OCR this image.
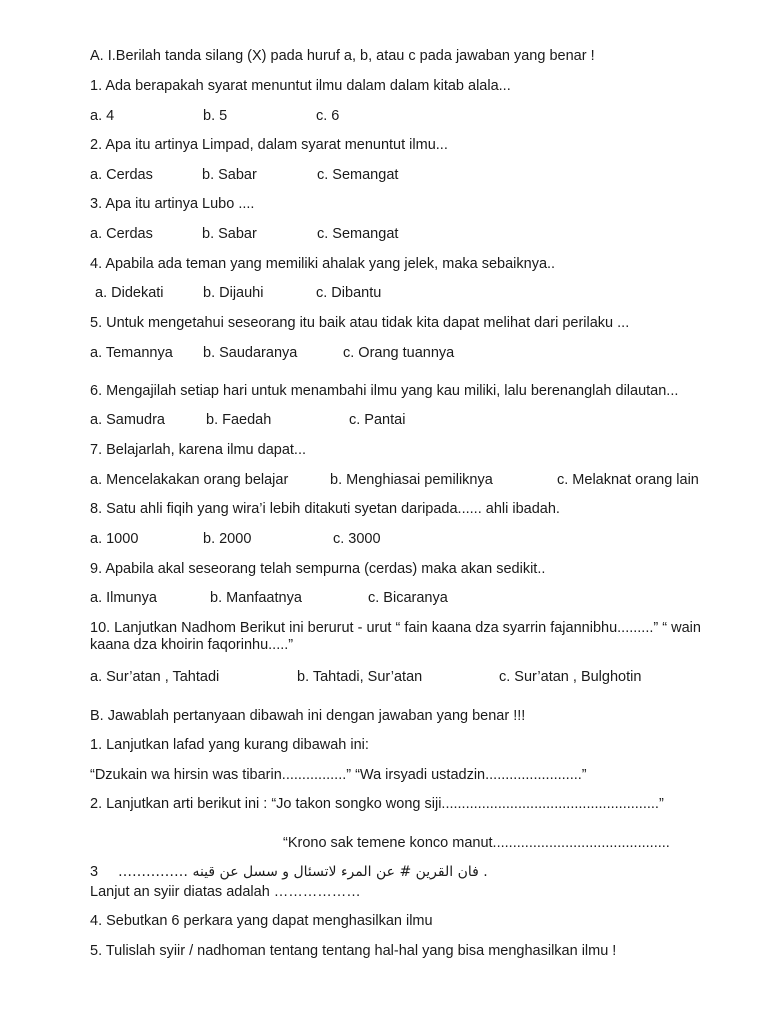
A. I.Berilah tanda silang (X) pada huruf a, b, atau c pada jawaban yang benar !
1. Ada berapakah syarat menuntut ilmu dalam dalam kitab alala...
a. 4	b. 5	c. 6
2. Apa itu artinya Limpad, dalam syarat menuntut ilmu...
a. Cerdas	b. Sabar	c. Semangat
3. Apa itu artinya Lubo ....
a. Cerdas	b. Sabar	c. Semangat
4. Apabila ada teman yang memiliki ahalak yang jelek, maka sebaiknya..
a. Didekati	b. Dijauhi	c. Dibantu
5. Untuk mengetahui seseorang itu baik atau tidak kita dapat melihat dari perilaku ...
a. Temannya b. Saudaranya	c. Orang tuannya
6. Mengajilah setiap hari untuk menambahi ilmu yang kau miliki, lalu berenanglah dilautan...
a. Samudra	b. Faedah	c. Pantai
7. Belajarlah, karena ilmu dapat...
a. Mencelakakan orang belajar	b. Menghiasai pemiliknya	c. Melaknat orang lain
8. Satu ahli fiqih yang wira’i lebih ditakuti syetan daripada...... ahli ibadah.
a. 1000	b. 2000	c. 3000
9. Apabila akal seseorang telah sempurna (cerdas) maka akan sedikit..
a. Ilmunya	b. Manfaatnya	c. Bicaranya
10. Lanjutkan Nadhom Berikut ini berurut - urut “ fain kaana dza syarrin fajannibhu.........” “ wain kaana dza khoirin faqorinhu.....”
a. Sur’atan , Tahtadi	b. Tahtadi, Sur’atan	c. Sur’atan , Bulghotin
B. Jawablah pertanyaan dibawah ini dengan jawaban yang benar !!!
1. Lanjutkan lafad yang kurang dibawah ini:
“Dzukain wa hirsin was tibarin................” “Wa irsyadi ustadzin........................”
2. Lanjutkan arti berikut ini : “Jo takon songko wong siji......................................................”
“Krono sak temene konco manut............................................
3 . فان القرين # عن المرء لاتسئال و سسل عن قينه ……………
Lanjut an syiir diatas adalah ………………
4. Sebutkan 6 perkara yang dapat menghasilkan ilmu
5. Tulislah syiir / nadhoman tentang tentang hal-hal yang bisa menghasilkan ilmu !
